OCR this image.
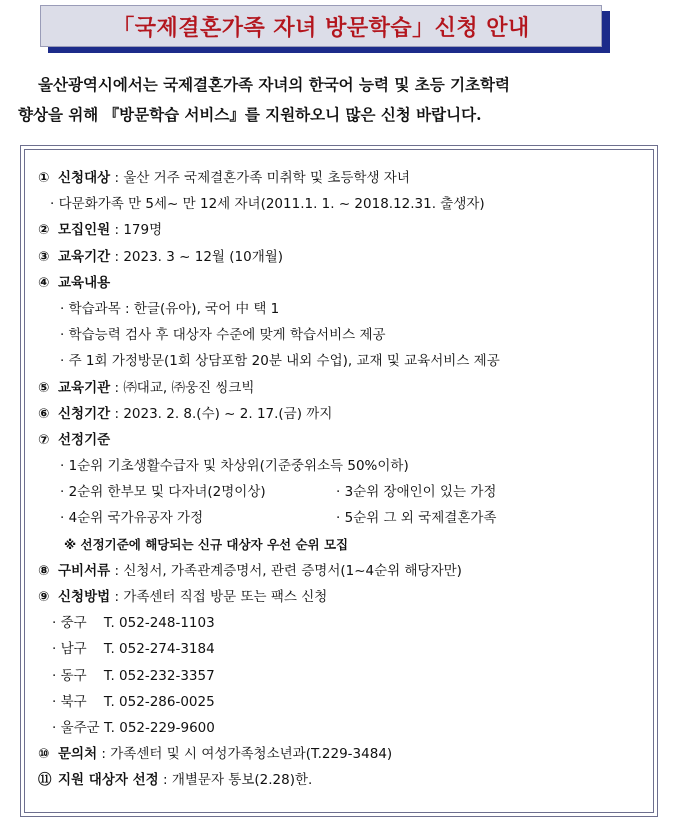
「국제결혼가족 자녀 방문학습」신청 안내
울산광역시에서는 국제결혼가족 자녀의 한국어 능력 및 초등 기초학력
향상을 위해 『방문학습 서비스』를 지원하오니 많은 신청 바랍니다.
① 신청대상 : 울산 거주 국제결혼가족 미취학 및 초등학생 자녀
· 다문화가족 만 5세~ 만 12세 자녀(2011.1. 1. ~ 2018.12.31. 출생자)
② 모집인원 : 179명
③ 교육기간 : 2023. 3 ~ 12월 (10개월)
④ 교육내용
· 학습과목 : 한글(유아), 국어 中 택 1
· 학습능력 검사 후 대상자 수준에 맞게 학습서비스 제공
· 주 1회 가정방문(1회 상담포함 20분 내외 수업), 교재 및 교육서비스 제공
⑤ 교육기관 : ㈜대교, ㈜웅진 씽크빅
⑥ 신청기간 : 2023. 2. 8.(수) ~ 2. 17.(금) 까지
⑦ 선정기준
· 1순위 기초생활수급자 및 차상위(기준중위소득 50%이하)
· 2순위 한부모 및 다자녀(2명이상)	· 3순위 장애인이 있는 가정
· 4순위 국가유공자 가정	· 5순위 그 외 국제결혼가족
※ 선정기준에 해당되는 신규 대상자 우선 순위 모집
⑧ 구비서류 : 신청서, 가족관계증명서, 관련 증명서(1~4순위 해당자만)
⑨ 신청방법 : 가족센터 직접 방문 또는 팩스 신청
· 중구    T. 052-248-1103
· 남구    T. 052-274-3184
· 동구    T. 052-232-3357
· 북구    T. 052-286-0025
· 울주군 T. 052-229-9600
⑩ 문의처 : 가족센터 및 시 여성가족청소년과(T.229-3484)
⑪ 지원 대상자 선정 : 개별문자 통보(2.28)한.
